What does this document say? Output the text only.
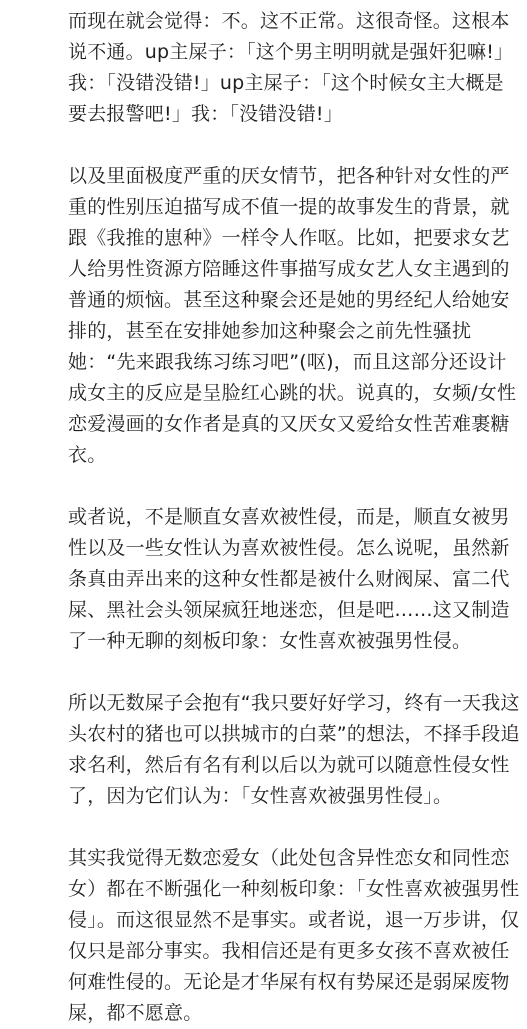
而现在就会觉得：不。这不正常。这很奇怪。这根本说不通。up主屎子：「这个男主明明就是强奸犯嘛!」我：「没错没错!」up主屎子：「这个时候女主大概是要去报警吧!」我：「没错没错!」

以及里面极度严重的厌女情节，把各种针对女性的严重的性别压迫描写成不值一提的故事发生的背景，就跟《我推的崽种》一样令人作呕。比如，把要求女艺人给男性资源方陪睡这件事描写成女艺人女主遇到的普通的烦恼。甚至这种聚会还是她的男经纪人给她安排的，甚至在安排她参加这种聚会之前先性骚扰她：“先来跟我练习练习吧”(呕)，而且这部分还设计成女主的反应是呈脸红心跳的状。说真的，女频/女性恋爱漫画的女作者是真的又厌女又爱给女性苦难裹糖衣。

或者说，不是顺直女喜欢被性侵，而是，顺直女被男性以及一些女性认为喜欢被性侵。怎么说呢，虽然新条真由弄出来的这种女性都是被什么财阀屎、富二代屎、黑社会头领屎疯狂地迷恋，但是吧……这又制造了一种无聊的刻板印象：女性喜欢被强男性侵。

所以无数屎子会抱有“我只要好好学习，终有一天我这头农村的猪也可以拱城市的白菜”的想法，不择手段追求名利，然后有名有利以后以为就可以随意性侵女性了，因为它们认为：「女性喜欢被强男性侵」。

其实我觉得无数恋爱女（此处包含异性恋女和同性恋女）都在不断强化一种刻板印象：「女性喜欢被强男性侵」。而这很显然不是事实。或者说，退一万步讲，仅仅只是部分事实。我相信还是有更多女孩不喜欢被任何难性侵的。无论是才华屎有权有势屎还是弱屎废物屎，都不愿意。
